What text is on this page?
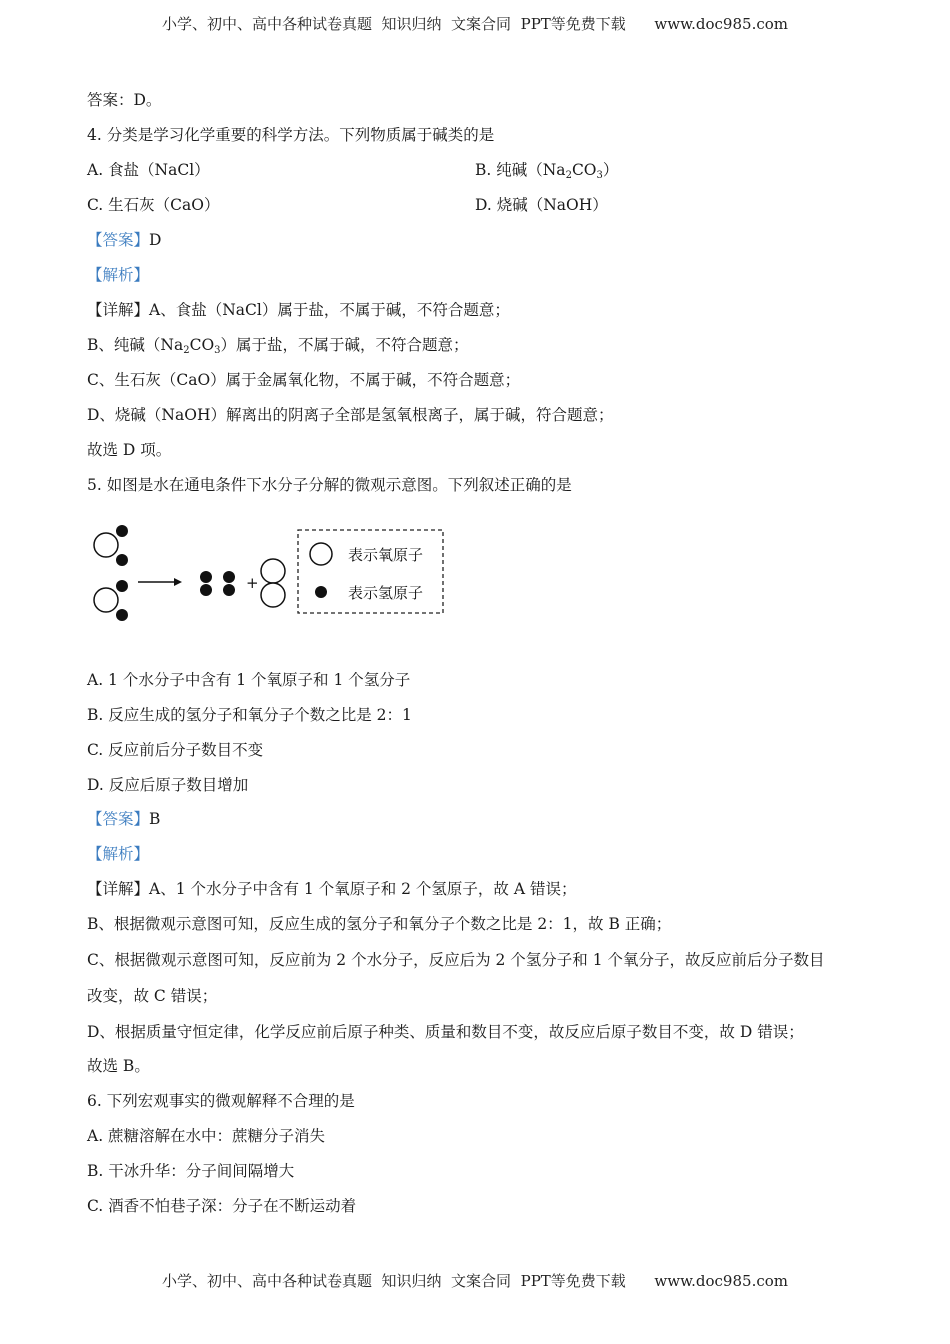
小学、初中、高中各种试卷真题  知识归纳  文案合同  PPT等免费下载      www.doc985.com
答案：D。
4. 分类是学习化学重要的科学方法。下列物质属于碱类的是
A. 食盐（NaCl）	B. 纯碱$(Na_2CO_3)$
C. 生石灰（CaO）	D. 烧碱（NaOH）
【答案】D
【解析】
【详解】A、食盐（NaCl）属于盐，不属于碱，不符合题意；
B、纯碱$(Na_2CO_3)$属于盐，不属于碱，不符合题意；
C、生石灰（CaO）属于金属氧化物，不属于碱，不符合题意；
D、烧碱（NaOH）解离出的阴离子全部是氢氧根离子，属于碱，符合题意；
故选 D 项。
5. 如图是水在通电条件下水分子分解的微观示意图。下列叙述正确的是
+
表示氧原子
表示氢原子
A. 1 个水分子中含有 1 个氧原子和 1 个氢分子
B. 反应生成的氢分子和氧分子个数之比是 2：1
C. 反应前后分子数目不变
D. 反应后原子数目增加
【答案】B
【解析】
【详解】A、1 个水分子中含有 1 个氧原子和 2 个氢原子，故 A 错误；
B、根据微观示意图可知，反应生成的氢分子和氧分子个数之比是 2：1，故 B 正确；
C、根据微观示意图可知，反应前为 2 个水分子，反应后为 2 个氢分子和 1 个氧分子，故反应前后分子数目
改变，故 C 错误；
D、根据质量守恒定律，化学反应前后原子种类、质量和数目不变，故反应后原子数目不变，故 D 错误；
故选 B。
6. 下列宏观事实的微观解释不合理的是
A. 蔗糖溶解在水中：蔗糖分子消失
B. 干冰升华：分子间间隔增大
C. 酒香不怕巷子深：分子在不断运动着
小学、初中、高中各种试卷真题  知识归纳  文案合同  PPT等免费下载      www.doc985.com
